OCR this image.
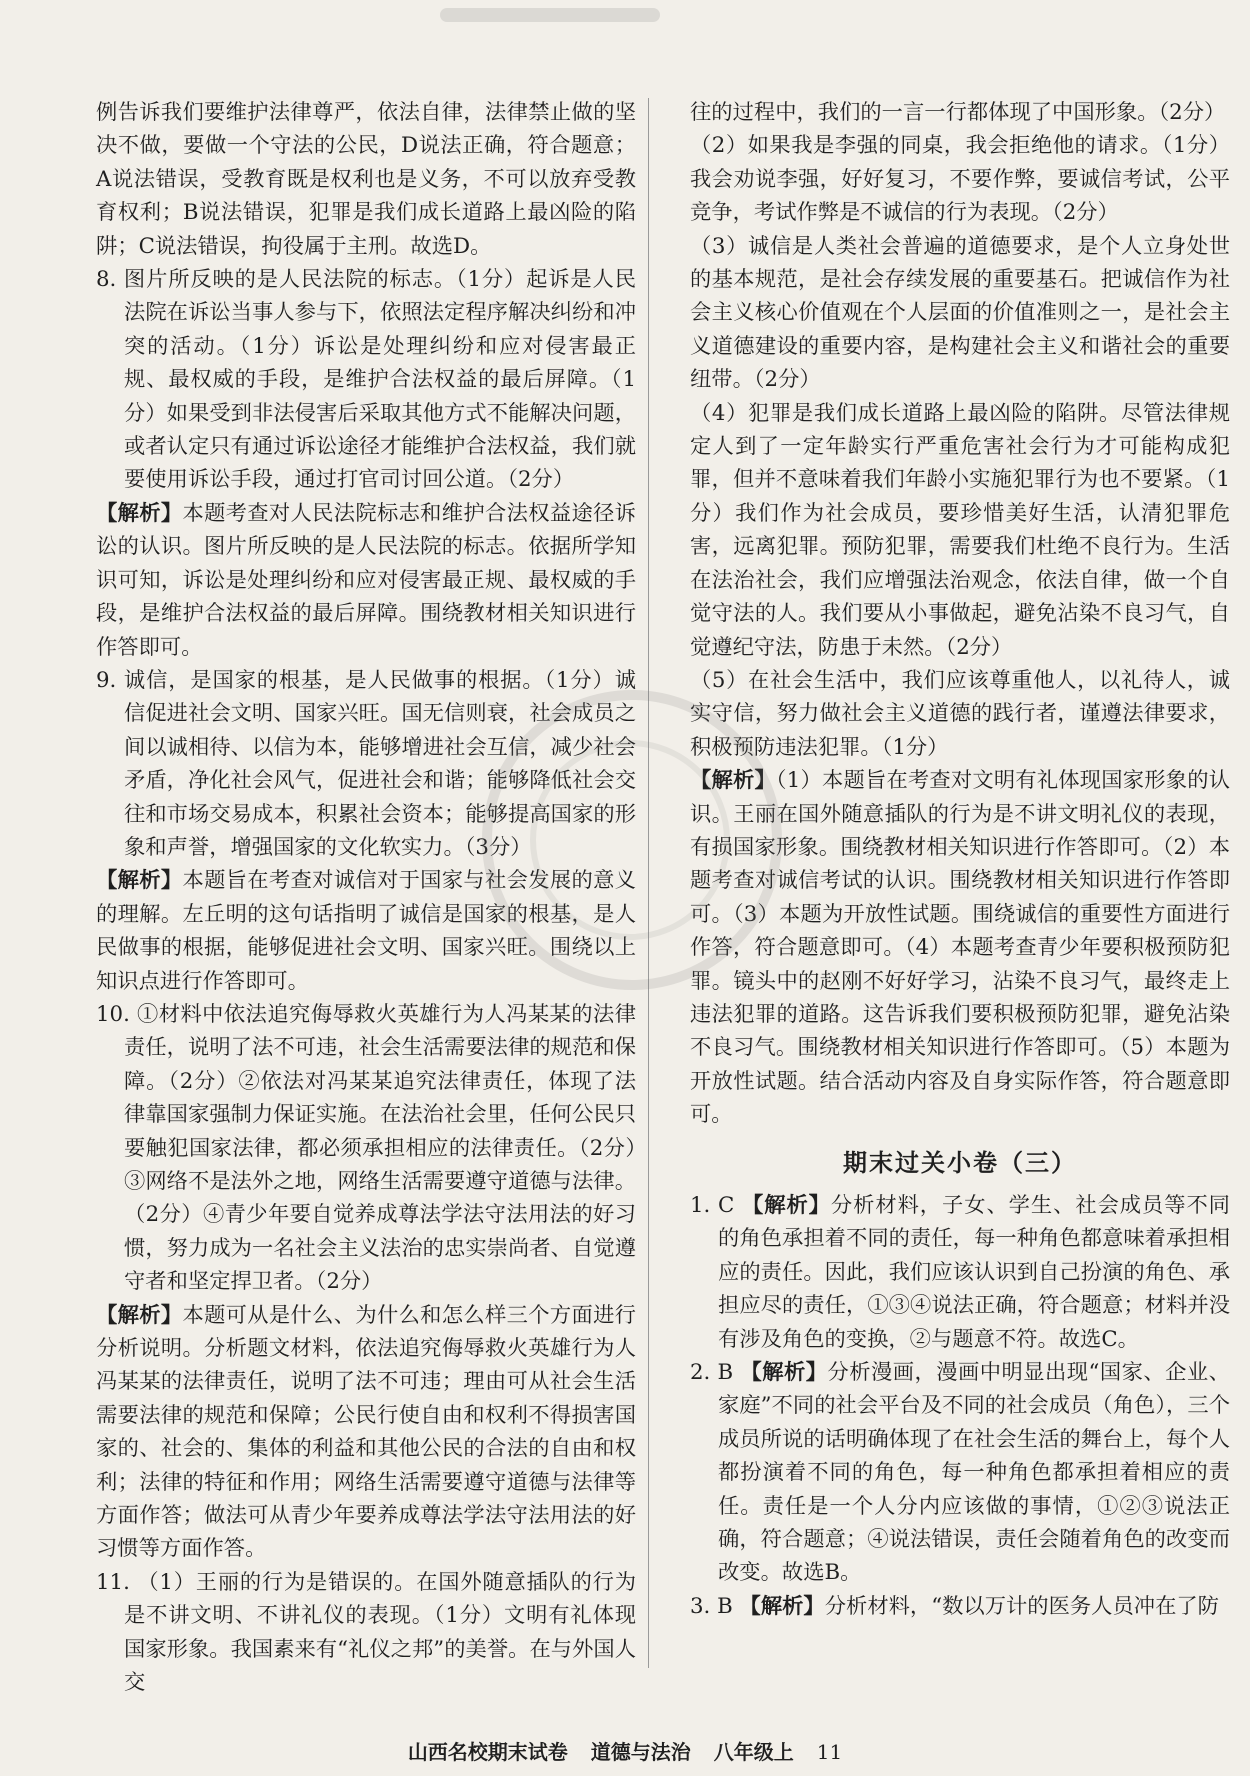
例告诉我们要维护法律尊严，依法自律，法律禁止做的坚决不做，要做一个守法的公民，D说法正确，符合题意；A说法错误，受教育既是权利也是义务，不可以放弃受教育权利；B说法错误，犯罪是我们成长道路上最凶险的陷阱；C说法错误，拘役属于主刑。故选D。

8. 图片所反映的是人民法院的标志。（1分）起诉是人民法院在诉讼当事人参与下，依照法定程序解决纠纷和冲突的活动。（1分）诉讼是处理纠纷和应对侵害最正规、最权威的手段，是维护合法权益的最后屏障。（1分）如果受到非法侵害后采取其他方式不能解决问题，或者认定只有通过诉讼途径才能维护合法权益，我们就要使用诉讼手段，通过打官司讨回公道。（2分）

【解析】本题考查对人民法院标志和维护合法权益途径诉讼的认识。图片所反映的是人民法院的标志。依据所学知识可知，诉讼是处理纠纷和应对侵害最正规、最权威的手段，是维护合法权益的最后屏障。围绕教材相关知识进行作答即可。

9. 诚信，是国家的根基，是人民做事的根据。（1分）诚信促进社会文明、国家兴旺。国无信则衰，社会成员之间以诚相待、以信为本，能够增进社会互信，减少社会矛盾，净化社会风气，促进社会和谐；能够降低社会交往和市场交易成本，积累社会资本；能够提高国家的形象和声誉，增强国家的文化软实力。（3分）

【解析】本题旨在考查对诚信对于国家与社会发展的意义的理解。左丘明的这句话指明了诚信是国家的根基，是人民做事的根据，能够促进社会文明、国家兴旺。围绕以上知识点进行作答即可。

10. ①材料中依法追究侮辱救火英雄行为人冯某某的法律责任，说明了法不可违，社会生活需要法律的规范和保障。（2分）②依法对冯某某追究法律责任，体现了法律靠国家强制力保证实施。在法治社会里，任何公民只要触犯国家法律，都必须承担相应的法律责任。（2分）③网络不是法外之地，网络生活需要遵守道德与法律。（2分）④青少年要自觉养成尊法学法守法用法的好习惯，努力成为一名社会主义法治的忠实崇尚者、自觉遵守者和坚定捍卫者。（2分）

【解析】本题可从是什么、为什么和怎么样三个方面进行分析说明。分析题文材料，依法追究侮辱救火英雄行为人冯某某的法律责任，说明了法不可违；理由可从社会生活需要法律的规范和保障；公民行使自由和权利不得损害国家的、社会的、集体的利益和其他公民的合法的自由和权利；法律的特征和作用；网络生活需要遵守道德与法律等方面作答；做法可从青少年要养成尊法学法守法用法的好习惯等方面作答。

11. （1）王丽的行为是错误的。在国外随意插队的行为是不讲文明、不讲礼仪的表现。（1分）文明有礼体现国家形象。我国素来有“礼仪之邦”的美誉。在与外国人交

往的过程中，我们的一言一行都体现了中国形象。（2分）

（2）如果我是李强的同桌，我会拒绝他的请求。（1分）我会劝说李强，好好复习，不要作弊，要诚信考试，公平竞争，考试作弊是不诚信的行为表现。（2分）

（3）诚信是人类社会普遍的道德要求，是个人立身处世的基本规范，是社会存续发展的重要基石。把诚信作为社会主义核心价值观在个人层面的价值准则之一，是社会主义道德建设的重要内容，是构建社会主义和谐社会的重要纽带。（2分）

（4）犯罪是我们成长道路上最凶险的陷阱。尽管法律规定人到了一定年龄实行严重危害社会行为才可能构成犯罪，但并不意味着我们年龄小实施犯罪行为也不要紧。（1分）我们作为社会成员，要珍惜美好生活，认清犯罪危害，远离犯罪。预防犯罪，需要我们杜绝不良行为。生活在法治社会，我们应增强法治观念，依法自律，做一个自觉守法的人。我们要从小事做起，避免沾染不良习气，自觉遵纪守法，防患于未然。（2分）

（5）在社会生活中，我们应该尊重他人，以礼待人，诚实守信，努力做社会主义道德的践行者，谨遵法律要求，积极预防违法犯罪。（1分）

【解析】（1）本题旨在考查对文明有礼体现国家形象的认识。王丽在国外随意插队的行为是不讲文明礼仪的表现，有损国家形象。围绕教材相关知识进行作答即可。（2）本题考查对诚信考试的认识。围绕教材相关知识进行作答即可。（3）本题为开放性试题。围绕诚信的重要性方面进行作答，符合题意即可。（4）本题考查青少年要积极预防犯罪。镜头中的赵刚不好好学习，沾染不良习气，最终走上违法犯罪的道路。这告诉我们要积极预防犯罪，避免沾染不良习气。围绕教材相关知识进行作答即可。（5）本题为开放性试题。结合活动内容及自身实际作答，符合题意即可。

期末过关小卷（三）

1. C 【解析】分析材料，子女、学生、社会成员等不同的角色承担着不同的责任，每一种角色都意味着承担相应的责任。因此，我们应该认识到自己扮演的角色、承担应尽的责任，①③④说法正确，符合题意；材料并没有涉及角色的变换，②与题意不符。故选C。

2. B 【解析】分析漫画，漫画中明显出现“国家、企业、家庭”不同的社会平台及不同的社会成员（角色），三个成员所说的话明确体现了在社会生活的舞台上，每个人都扮演着不同的角色，每一种角色都承担着相应的责任。责任是一个人分内应该做的事情，①②③说法正确，符合题意；④说法错误，责任会随着角色的改变而改变。故选B。

3. B 【解析】分析材料，“数以万计的医务人员冲在了防

山西名校期末试卷 道德与法治 八年级上 11
